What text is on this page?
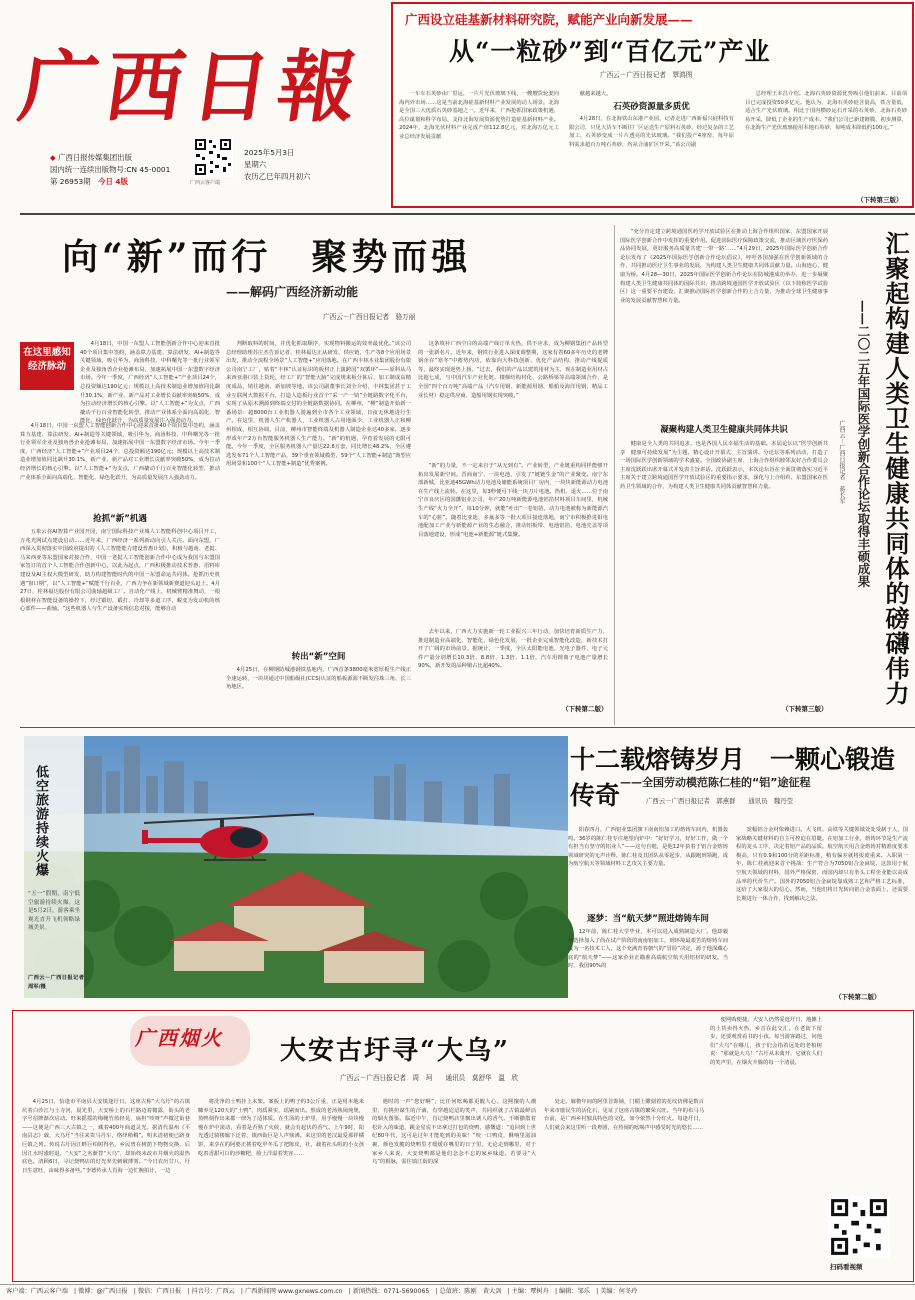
广西日報
◆ 广西日报传媒集团出版
国内统一连续出版物号:CN 45-0001
第 26953期　 今日 4版	广西云客户端
2025年5月3日
星期六
农历乙巳年四月初六
广西设立硅基新材料研究院，赋能产业向新发展——
从“一粒砂”到“百亿元”产业
广西云－广西日报记者　覃鸿图

一车车石英砂由厂里运，一片片光伏玻璃下线，一艘艘货轮驶向海内外市场……这是当前北海硅基新材料产业发展的动人场景。北海是全国三大优质石英砂基地之一。近年来，广西抢抓国家政策机遇，高位谋划和科学布局，支持北海发展资源优势打造硅基新材料产业。2024年，北海光伏材料产业完成产值112.8亿元，对北海万亿元工业总经济发展贡献

献越来越大。

石英砂资源量多质优

4月28日，在北海铁山东港产业园，记者走进广西新福兴硅科技有限公司，只见大货车不断往厂区运送生产原料石英砂，经过复杂的工艺加工，石英砂变成一片片透亮的光伏玻璃。“我们投产4座窑，每年原料需求超百万吨石英砂，均从合浦矿区开采。”该公司副

总经理王本昌介绍。北海石英砂资源优势吸引他们前来，目前项目已完成投资50多亿元。他认为，北海石英砂硅含量高，铁含量低，适合生产光伏玻璃。相比于国内横砂运石开采的石英砂，北海石英砂易开采，降低了企业的生产成本。“我们公司已新建镀膜、初步测算，在北海生产光伏玻璃使用本地石英砂，每吨成本降低约100元。”

（下转第三版）
向“新”而行　聚势而强
——解码广西经济新动能
广西云－广西日报记者　骆万丽
在这里感知经济脉动

4月18日，中国一东盟人工智能创新合作中心迎来首批40个项目集中签约，涵盖算力基建、算法研发、AI+制造等关键领域，吸引华为、商汤科技、中科曙光等一批行业领军企业及独角兽企业抢滩布局，加速拓展中国一东盟数字经济市场。今年一季度，广西经济“人工智能+”产业项目24个，总投资额达190亿元；规模以上高技术制造业增加值同比飙升30.1%，新产业、新产品对工业增长贡献率突破50%，成为拉动经济增长的核心引擎。以“人工智能+”为支点，广西撬动千行百业智能化转型，推动产业体系全面向高端化、智能化、绿色化跃升，为高质量发展注入强劲动力。

4月18日，中国一东盟人工智能创新合作中心迎来首批40个项目集中签约，涵盖算力基建、算法研发、AI+制造等关键领域，吸引华为、商汤科技、中科曙光等一批行业领军企业及独角兽企业抢滩布局，加速拓展中国一东盟数字经济市场。今年一季度，广西经济“人工智能+”产业项目24个，总投资额达190亿元；规模以上高技术制造业增加值同比飙升30.1%，新产业、新产品对工业增长贡献率突破50%，成为拉动经济增长的核心引擎。以“人工智能+”为支点，广西撬动千行百业智能化转型，推动产业体系全面向高端化、智能化、绿色化跃升，为高质量发展注入强劲动力。

抢抓“新”机遇

五象云谷AI智算产业园开园，南宁国际科技产业城人工智能科创中心项目开工，万兆光网试点建设启动……近年来，广西经济一系列新动向引人关注。面向东盟，广西深入贯彻落实中国政府提出的《人工智能能力建设普惠计划》，积极与越南、老挝、马来西亚等东盟国家对接合作，中国一老挝人工智能创新合作中心成为我国与东盟国家签订的首个人工智能合作创新中心。以此为起点，广西积极推动技术普惠、语料库建设及AI主权大模型研发，助力构建智能时代的中国一东盟命运共同体。抢抓历史机遇“窗口期”，以“人工智能+”赋能千行百业，广西力争在新领域新赛道迎头赶上。4月27日，桂林福达股份有限公司曲轴超级工厂。自动化产线上，机械臂精准舞动，一根根钢材在智能设备的操控下，经过锻切、锻打、冷却等多道工序，蜕变为发动机的核心部件——曲轴。“这些机器人与生产设备实现信息对接，能够自动

判断取料的时间，并优化抓取顺序，实现物料搬运的效率最优化。”该公司总经理助理苏庄杰告诉记者，桂林福达正从研发、供应链、生产等8个应用场景出发，推动全流程全场景“人工智能+”应用落地。在广西丰林木业集团股份有限公司南宁工厂，贴着“丰林”认证标识的板材正上演跨国“双循环”——原料从马来西亚港口装上货轮，经工厂的“智能大脑”完成规来板分拣后，加工制成高精度成品，销往越南、新加坡等地。该公司副董事长刘全介绍，丰林集团甚于工业互联网大数据平台，打造人造板行业首个“采一产一销”全链路数字化平台，实现了从原木溯源到终端交付的全链路数据协同。在柳州，“柳”制造开始新一番场景：超8000台工业机器人游遍到全市各个工业领域，日夜无休地进行生产。在这里，机器人生产机器人，工业机器人占用地面少，工业机器人正和柳州相成，相互协调。目前，柳州市智能终端及机器人制造企业达40多家，逐步形成年产2万台智能服务机器人生产能力。“新”的机遇，孕育着发展的无限可能。今年一季度，全区服务机器人产量达22.8万套，同比增长48.2%，全区遴选发布71个人工智能产品，39个垂直领域模型，59个“人工智能+制造”典型应用场景和100个“人工智能+制造”优秀案例。

转出“新”空间

4月25日，在柳钢防城港钢铁基地内，广西首条3800毫米宽厚板生产线正全速运转，一块块通过中国船级社(CCS)认证的船板源源不断发往珠三角、长三角地区。

这条填补广西空白的高端产线订单火热，供不应求，成为柳钢集团产品转型的一张新名片。近年来，钢铁行业进入深度调整期，这家有着60多年历史的老牌钢企在“寒冬”中蓄势内功，依靠向大科技创新、优化产品结构、推动产线提质等，最终实现逆势上扬。“过去，我们的产品以建筑用材为主，现在制造业用材占比超七成，与中国汽车产业化链、楼梯结构材化、公路桥梁等高端领域合作，是全国“四个百万吨”高端产品（汽车用钢、新能源用钢、船舶及海洋用钢、精品工业长材）稳定供应商、造船用钢实现突破。”

“新”的力量，不一定来自于“从无到有”。产业转型，产业链重构同样能够开拓出发展新空间。晋商南宁、一块电池，引发了“链链生金”的产业聚变。南宁东部新城，比亚迪45GWh动力电池及储能系统项目厂房内，一块块新能源动力电池在生产线上流转。在这里，每3秒便可下线一块刀片电池。热机、退火……位于南宁市良庆区的国藩铝业公司，年产20万吨新能源电池铝箔材料项目车间里，机械生产线“火力全开”，每10分钟，就能“吐出”一卷铝箔。动力电池被称为新能源汽车的“心脏”。随着比亚迪、多氟多等一批大项目接连落地，南宁市积极推进钼电池配加工产业与新能源产业的生态融合，推动铝板带、电池铝箔、电池壳盖等项目落地建设，形成“电池+新能源”链式集聚。

去年以来，广西大力实施新一轮工业振兴三年行动，加快培育新质生产力，推进制造业高端化、智能化、绿色化发展，一批企业完成智能化改造，新技术打开了广阔的市场前景。据统计，一季度，全区太阳能电池、光电子器件、电子元件产量分别增长10.3倍、8.8倍、1.3倍、1.1倍，汽车用锂离子电池产量增长90%，新开发的品种铜占比超40%。

（下转第二版）

“充分肯定建立跨境通国医药学开放试验区在推动上海合作组织国家、东盟国家开展国际医学创新合作中发挥的重要作用。促进国际医疗保障政策交流，推动区域医疗医保药品协同发展，更好服务高质量共建‘一带一路’……”4月29日，2025年国际医学创新合作论坛发布了《2025年国际医学创新合作论坛倡议》，呼吁各国加强在医学创新领域的合作，共同推动医疗卫生事业的发展，为构建人类卫生健康共同体贡献力量。山海连心，健康为桥。4月28—30日，2025年国际医学创新合作论坛在防城港成功举办，进一步凝聚构建人类卫生健康共同体的国际共识，推动跨境通国医学开放试验区（以下简称医学试验区）这一重要平台建设，汇聚推动国际医学创新合作的上合力量，为推动全球卫生健康事业的发展贡献智慧和力量。

凝聚构建人类卫生健康共同体共识

健康是全人类的共同追求，也是各国人民幸福生活的基础。本届论坛以“医学创新共享　健康可持续发展”为主题，精心设计开幕式、主旨演讲、分论坛等系列活动，打造了一场国际医学创新领域的学术盛宴。全国政协副主席、上海合作组织睦邻友好合作委员会主席沈跃跃出席开幕式并发表主旨讲话。沈跃跃表示，本次论坛旨在全面贯彻落实习近平主席关于建立跨境通国医学开放试验区的重要指示要求，深化与上合组织、东盟国家在医药卫生领域的合作，为构建人类卫生健康共同体贡献智慧和力量。

（下转第三版）
汇聚起构建人类卫生健康共同体的磅礴伟力
——二〇二五年国际医学创新合作论坛取得丰硕成果
广西云－广西日报记者　蒋长军
低空旅游持续火爆
“五一”假期，南宁低空旅游持续火爆。这是5月2日，游客乘坐观光直升飞机领略绿城美景。
广西云－广西日报记者周军/摄
十二载熔铸岁月　一颗心锻造传奇 ——全国劳动模范陈仁桂的“铝”途征程
广西云－广西日报记者　郭燕群　　通讯员　魏丹莹

阳春四月，广西铝业集团旗下南南铝加工的熔铸车间内，机器轰鸣。36岁的陈仁桂专注地望向炉中：“好好学习，好好工作，做一个有担当有坚守的铝业人”——这句自勉，是他12年执着于铝合金熔铸领域研究的无声诠释。陈仁桂及其团队从零起步，从跟跑到领跑，成为航空航天等领域材料工艺攻关主要力量。

逐梦：当“航天梦”照进熔铸车间

12年前，陈仁桂大学毕业，本可以进入成熟制造大厂。他却毅然选择加入了尚在试产阶段的南南铝加工，到环境最艰苦的熔铸车间成为一名技术工人。这个充满青春朝气的“冒险”决定，源于他深藏心底的“航天梦”——这家企业正瞄准高端航空航天用铝材的研发。当时，我国90%的

宽幅铝合金材依赖进口。大飞机、高铁等关键领域处处受制于人，国家战略关键材料的自主可控迫在眉睫。在铝加工行业，熔铸环节是生产流程的龙头工序，决定着铝产品的品质。航空航天用合金熔铸对精准度要求极高，只有0.9和100分的差距标准，稍有偏差就将报废重来。入职第一年，陈仁桂就迎来首个挑战：生产符合为7050铝合金扁锭。这款用于航空航天领域的材料，国外严格保密，而国内却只有拳头工程企业能以高成品率的代价生产。国外的7050铝合金扁锭靠成熟工艺和严格工艺标准，这给了大家很大的信心。然而，当他们将日光转向铝合金表面上，还需要长期进行一体合作，找到解决之法。

（下转第二版）
广西烟火	大安古圩寻“大乌”
广西云－广西日报记者　周　珂　　通讯员　莫舒华　温　欣

4月25日，恰逢市平南县大安镇逢圩日。这座古称“大乌圩”的古镇坑着白沙江与土寺河，晨光里，大安桥上的石栏路迈着微露，街头的老字号招牌渐次启动。旺来摇摇的梅靴竹篮轻晃，扁担“吱呀”声微过街巷——这便是广西三大古镇之一，藏着400年商道灵光。据清代温州《平南县志》载，大乌圩“当往来贵马丹车，络绎稍稠”。明末清初便已跻身巨镇之列。传说古圩因江畔巨柏树得名，乡民曾在树荫下物物交换，后因江水时涨时退，“大安”之名渐替“大乌”，却始终未改市井烟火的温热底色。清顾6日，寻记烧鸭店的灯光率先刺破薄雾。“今日农历廿八，圩日生意旺，由味得多备些。”李德传承人肖海一边忙腕拍计，一边

将洗净的土鸭挂上木架。案板上的鸭子约3公斤重，正是用本地米糠养足120天的“土鸭”，肉质紧实，瑶剔而出。熬成的老汤熟闹炖煲，蒸鸭刻作出来都一律为了适体质。在生汤的土炉里，用手慢慢一块块慢慢在炉中滚动，看着是否熟了火候，就会有起伏的香气。上午9时，阳光透过骑楼廊下泛着，镇西街巨是人声鼎沸。来这里的老汉最爱那样橘饼，来享在的阿婆正挑着吃甲冬瓜了把陈皮，社，载着社头咀的小女孩吃着香甜可口的沙糖粑，脸上洋溢着笑容……

遇时的一声“您好啊”，比任何吆喝都更醒人心。这熙攘的人潮里，有挑担谋生的汗滴，有穿越迢迢的笑声，共同织就了古镇最鲜活的烟火图鉴。临近中午，肖记烧鸭店里飘出诱人的香气。不断撒散着松针入的味道，跳金星说不出拿过打包的烧鸭，感慨道：“追回到上世纪80年代，这可是过年才能吃到的美味！”咬一口鸭皮，酥响里滋油裹，颜色发脆的烧鸭里才缓缓在嘴里的日子里。无论走到哪里，对于家乡人来说，大安烧鸭都是他们念念不忘的家乡味道。若要寻“大乌”的根脉，需往镇江街的深

处走。廊檐年间的阿里首饰铺，门楣上雕刻着的花纹仿佛是数百年来市廛民生的活化石，见证了这座古镇的繁荣兴旺。当年的布马马台前，是广西乡村独具特色的文化，如今依然十分红火。每逢圩日，人们就会来这里听一段粤剧，在热闹的吆喝声中感受时光的悠长……

便网购便捷，大安人仍然爱逛圩日，地摊上的土货卖得火热，乡音在此交汇。在老街下留步，还要观赏看书的小孩。每当游客路过，问他们“大乌”在哪儿，孩子们会指着远处的老柏树说：“那就是大乌！”古圩从未离开，它就在人们的笑声里，在烟火升腾的每一个清晨。

扫码看视频
客户端：广西云客户端　| 微博：@广西日报　| 微信：广西日报　| 抖音号：广西云　| 广西新闻网 www.gxnews.com.cn　| 新闻热线：0771-5690065　| 总值班：陈刚　黄大剑　| 主编：覃树舟　| 编辑：邹乐　| 美编：何冬玲
